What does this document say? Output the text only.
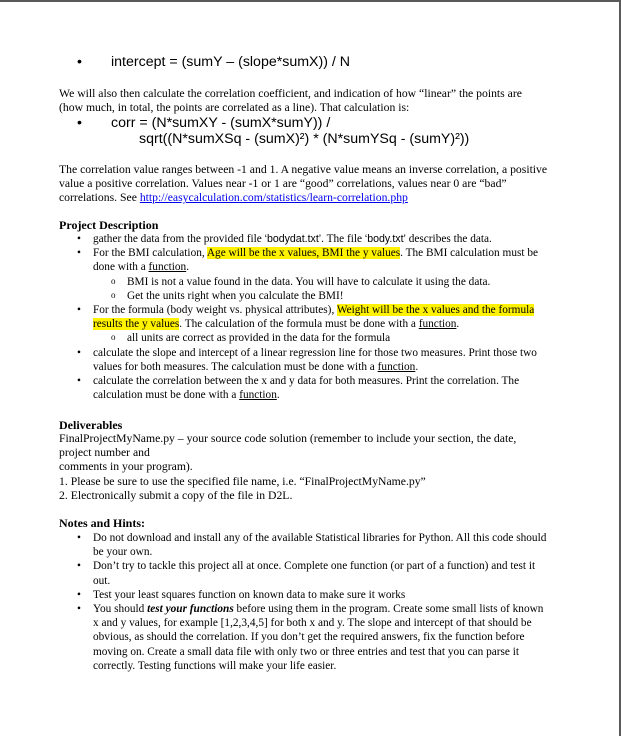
• intercept = (sumY – (slope*sumX)) / N

We will also then calculate the correlation coefficient, and indication of how “linear” the points are (how much, in total, the points are correlated as a line). That calculation is:

• corr = (N*sumXY - (sumX*sumY)) /
sqrt((N*sumXSq - (sumX)²) * (N*sumYSq - (sumY)²))

The correlation value ranges between -1 and 1. A negative value means an inverse correlation, a positive value a positive correlation. Values near -1 or 1 are “good” correlations, values near 0 are “bad” correlations. See http://easycalculation.com/statistics/learn-correlation.php

Project Description
• gather the data from the provided file ‘bodydat.txt’. The file ‘body.txt’ describes the data.
• For the BMI calculation, Age will be the x values, BMI the y values. The BMI calculation must be done with a function.
o BMI is not a value found in the data. You will have to calculate it using the data.
o Get the units right when you calculate the BMI!
• For the formula (body weight vs. physical attributes), Weight will be the x values and the formula results the y values. The calculation of the formula must be done with a function.
o all units are correct as provided in the data for the formula
• calculate the slope and intercept of a linear regression line for those two measures. Print those two values for both measures. The calculation must be done with a function.
• calculate the correlation between the x and y data for both measures. Print the correlation. The calculation must be done with a function.
Deliverables
FinalProjectMyName.py – your source code solution (remember to include your section, the date,
project number and
comments in your program).
1. Please be sure to use the specified file name, i.e. “FinalProjectMyName.py”
2. Electronically submit a copy of the file in D2L.
Notes and Hints:
• Do not download and install any of the available Statistical libraries for Python. All this code should be your own.
• Don’t try to tackle this project all at once. Complete one function (or part of a function) and test it out.
• Test your least squares function on known data to make sure it works
• You should test your functions before using them in the program. Create some small lists of known x and y values, for example [1,2,3,4,5] for both x and y. The slope and intercept of that should be obvious, as should the correlation. If you don’t get the required answers, fix the function before moving on. Create a small data file with only two or three entries and test that you can parse it correctly. Testing functions will make your life easier.
